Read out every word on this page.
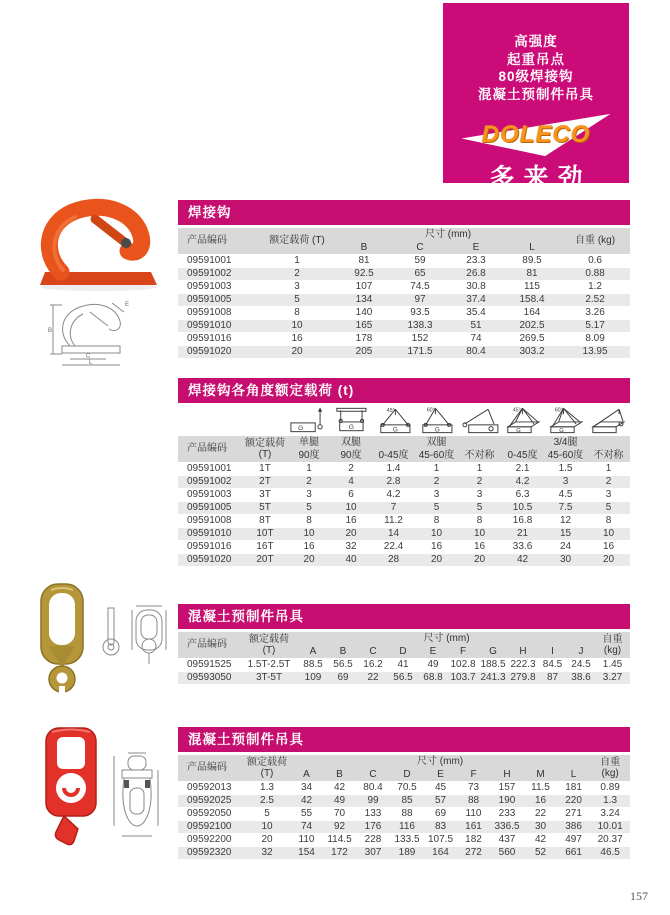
高强度
起重吊点
80级焊接钩
混凝土预制件吊具
DOLECO
多来劲
B
C
L
E
焊接钩
产品编码	额定载荷 (T)	尺寸 (mm)				自重 (kg)
		B	C	E	L	
09591001	1	81	59	23.3	89.5	0.6
09591002	2	92.5	65	26.8	81	0.88
09591003	3	107	74.5	30.8	115	1.2
09591005	5	134	97	37.4	158.4	2.52
09591008	8	140	93.5	35.4	164	3.26
09591010	10	165	138.3	51	202.5	5.17
09591016	16	178	152	74	269.5	8.09
09591020	20	205	171.5	80.4	303.2	13.95
焊接钩各角度额定载荷 (t)
G	G
45°
G
60°
G
45°
G
60°
G
产品编码	额定载荷
(T)	单腿	双腿	双腿			3/4腿		
		90度	90度	0-45度	45-60度	不对称	0-45度	45-60度	不对称
09591001	1T	1	2	1.4	1	1	2.1	1.5	1
09591002	2T	2	4	2.8	2	2	4.2	3	2
09591003	3T	3	6	4.2	3	3	6.3	4.5	3
09591005	5T	5	10	7	5	5	10.5	7.5	5
09591008	8T	8	16	11.2	8	8	16.8	12	8
09591010	10T	10	20	14	10	10	21	15	10
09591016	16T	16	32	22.4	16	16	33.6	24	16
09591020	20T	20	40	28	20	20	42	30	20
混凝土预制件吊具
产品编码	额定载荷
(T)
	尺寸 (mm)	自重
(kg)

		A	B	C	D	E	F	G	H	I	J	
09591525	1.5T-2.5T	88.5	56.5	16.2	41	49	102.8	188.5	222.3	84.5	24.5	1.45
09593050	3T-5T	109	69	22	56.5	68.8	103.7	241.3	279.8	87	38.6	3.27
混凝土预制件吊具
产品编码	额定载荷
(T)
	尺寸 (mm)	自重
(kg)

		A	B	C	D	E	F	H	M	L	
09592013	1.3	34	42	80.4	70.5	45	73	157	11.5	181	0.89
09592025	2.5	42	49	99	85	57	88	190	16	220	1.3
09592050	5	55	70	133	88	69	110	233	22	271	3.24
09592100	10	74	92	176	116	83	161	336.5	30	386	10.01
09592200	20	110	114.5	228	133.5	107.5	182	437	42	497	20.37
09592320	32	154	172	307	189	164	272	560	52	661	46.5
157
